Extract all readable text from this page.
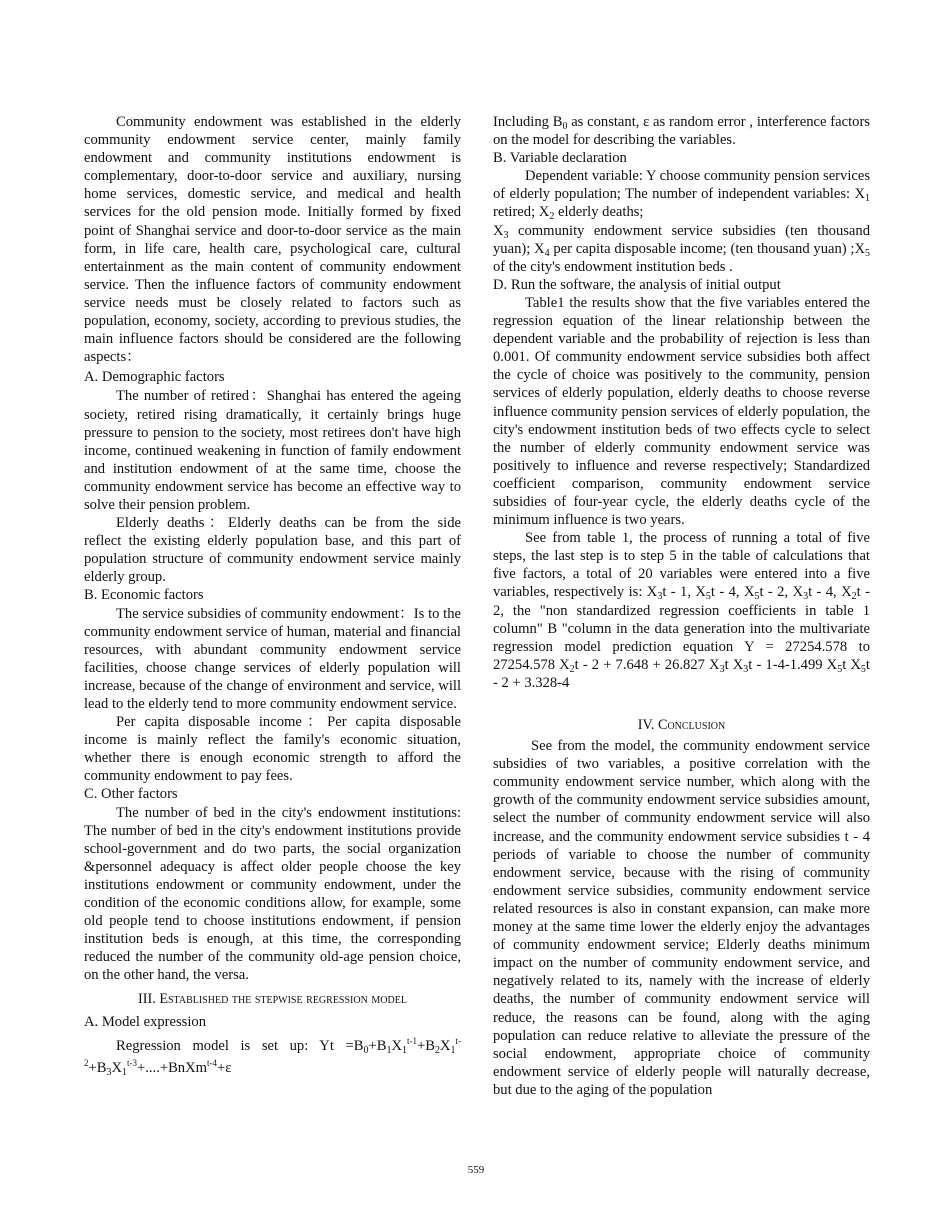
Community endowment was established in the elderly community endowment service center, mainly family endowment and community institutions endowment is complementary, door-to-door service and auxiliary, nursing home services, domestic service, and medical and health services for the old pension mode. Initially formed by fixed point of Shanghai service and door-to-door service as the main form, in life care, health care, psychological care, cultural entertainment as the main content of community endowment service. Then the influence factors of community endowment service needs must be closely related to factors such as population, economy, society, according to previous studies, the main influence factors should be considered are the following aspects：

A. Demographic factors

The number of retired：Shanghai has entered the ageing society, retired rising dramatically, it certainly brings huge pressure to pension to the society, most retirees don't have high income, continued weakening in function of family endowment and institution endowment of at the same time, choose the community endowment service has become an effective way to solve their pension problem.

Elderly deaths：Elderly deaths can be from the side reflect the existing elderly population base, and this part of population structure of community endowment service mainly elderly group.

B. Economic factors

The service subsidies of community endowment：Is to the community endowment service of human, material and financial resources, with abundant community endowment service facilities, choose change services of elderly population will increase, because of the change of environment and service, will lead to the elderly tend to more community endowment service.

Per capita disposable income：Per capita disposable income is mainly reflect the family's economic situation, whether there is enough economic strength to afford the community endowment to pay fees.

C. Other factors

The number of bed in the city's endowment institutions: The number of bed in the city's endowment institutions provide school-government and do two parts, the social organization &personnel adequacy is affect older people choose the key institutions endowment or community endowment, under the condition of the economic conditions allow, for example, some old people tend to choose institutions endowment, if pension institution beds is enough, at this time, the corresponding reduced the number of the community old-age pension choice, on the other hand, the versa.

III. Established the stepwise regression model

A. Model expression

Regression model is set up: $Yt =B_0+B_1X_1^{t-1}+B_2X_1^{t-2}+B_3X_1^{t-3}+....+BnXm^{t-4}+\varepsilon$

Including $B_0$ as constant, ε as random error , interference factors on the model for describing the variables.

B. Variable declaration

Dependent variable: Y choose community pension services of elderly population; The number of independent variables: $X_1$ retired; $X_2$ elderly deaths;

$X_3$ community endowment service subsidies (ten thousand yuan); $X_4$ per capita disposable income; (ten thousand yuan) $;X_5$ of the city's endowment institution beds .

D. Run the software, the analysis of initial output

Table1 the results show that the five variables entered the regression equation of the linear relationship between the dependent variable and the probability of rejection is less than 0.001. Of community endowment service subsidies both affect the cycle of choice was positively to the community, pension services of elderly population, elderly deaths to choose reverse influence community pension services of elderly population, the city's endowment institution beds of two effects cycle to select the number of elderly community endowment service was positively to influence and reverse respectively; Standardized coefficient comparison, community endowment service subsidies of four-year cycle, the elderly deaths cycle of the minimum influence is two years.

See from table 1, the process of running a total of five steps, the last step is to step 5 in the table of calculations that five factors, a total of 20 variables were entered into a five variables, respectively is: $X_3t - 1$, $X_5t - 4$, $X_5t - 2$, $X_3t - 4$, $X_2t - 2$, the "non standardized regression coefficients in table 1 column" B "column in the data generation into the multivariate regression model prediction equation Y = 27254.578 to 27254.578 $X_2t - 2 + 7.648 + 26.827$ $X_3t$ $X_3t - 1-4-1.499$ $X_5t$ $X_5t - 2 + 3.328-4$

IV. Conclusion

See from the model, the community endowment service subsidies of two variables, a positive correlation with the community endowment service number, which along with the growth of the community endowment service subsidies amount, select the number of community endowment service will also increase, and the community endowment service subsidies t - 4 periods of variable to choose the number of community endowment service, because with the rising of community endowment service subsidies, community endowment service related resources is also in constant expansion, can make more money at the same time lower the elderly enjoy the advantages of community endowment service; Elderly deaths minimum impact on the number of community endowment service, and negatively related to its, namely with the increase of elderly deaths, the number of community endowment service will reduce, the reasons can be found, along with the aging population can reduce relative to alleviate the pressure of the social endowment, appropriate choice of community endowment service of elderly people will naturally decrease, but due to the aging of the population

559
